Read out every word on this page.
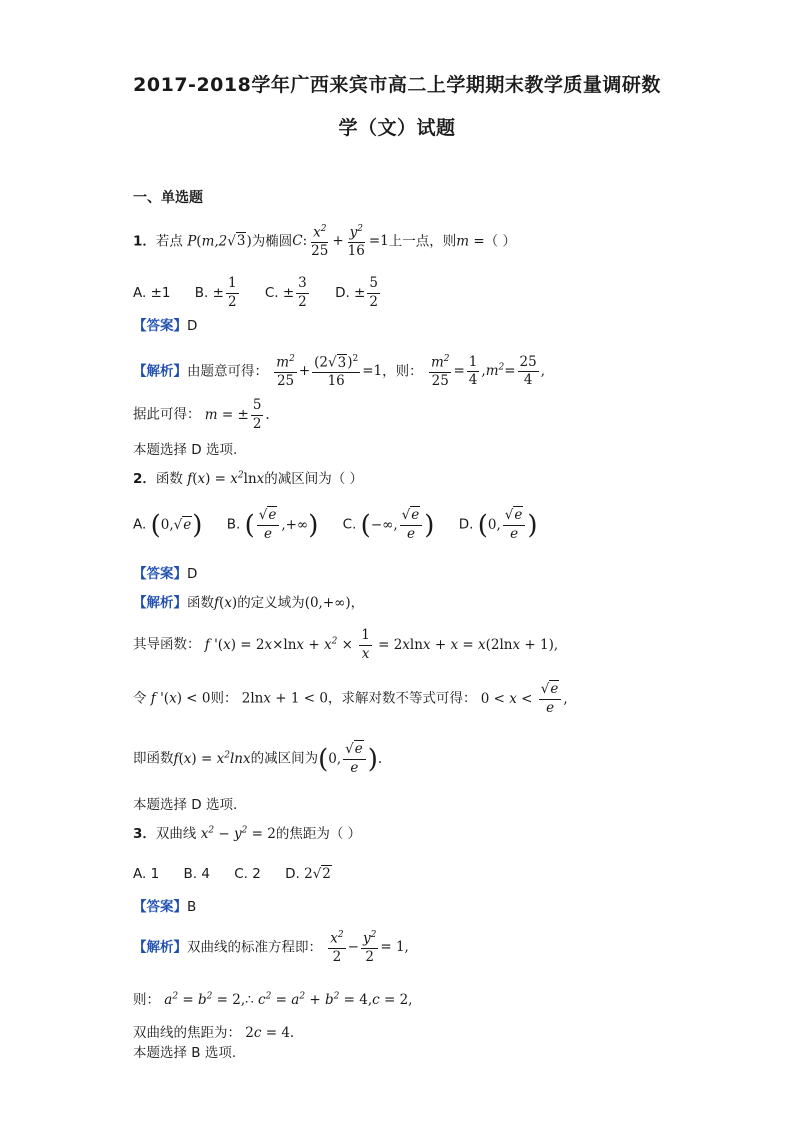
2017-2018学年广西来宾市高二上学期期末教学质量调研数
学（文）试题
一、单选题
1．若点 P(m,2√3)为椭圆C: $\frac{x^2}{25} + \frac{y^2}{16} =1$上一点，则m =（ ）
A. ±1 B. ± $\frac{1}{2} C$. ± $\frac{3}{2} D$. ± $\frac{5}{2}$
【答案】D
【解析】由题意可得： $\frac{m^2}{25} + \frac{(2√3)^2}{16} =1$，则： $\frac{m^2}{25} = \frac{1}{4} ,m^2= \frac{25}{4}$ ,
据此可得： m = ± $\frac{5}{2}$ .
本题选择 D 选项.
2．函数 $f(x) = x^2\ln x$的减区间为（ ）
A. (0,√e) B. ( $\frac{√e}{e}$ ,+∞) C. (−∞, $\frac{√e}{e}$ ) D. (0, $\frac{√e}{e}$ )
【答案】D
【解析】函数f(x)的定义域为(0,+∞)，
其导函数： f '$(x) = 2x\times\ln x + x^2 \times \frac{1}{x} = 2xlnx + x = x(2\ln x + 1)$,
令 f '(x) < 0则： 2lnx + 1 < 0，求解对数不等式可得： $0 < x < \frac{√e}{e}$ ,
即函数$f(x) = x^2\ln x$的减区间为(0, $\frac{√e}{e}$ ).
本题选择 D 选项.
3．双曲线 $x^2 - y^2 = 2$的焦距为（ ）
A. 1 B. 4 C. 2 D. 2√2
【答案】B
【解析】双曲线的标准方程即： $\frac{x^2}{2} - \frac{y^2}{2} = 1$,
则： $a^2 = b^2$ = 2,∴ $c^2 = a^2 + b^2 = 4,c = 2$,
双曲线的焦距为： 2c = 4.
本题选择 B 选项.
